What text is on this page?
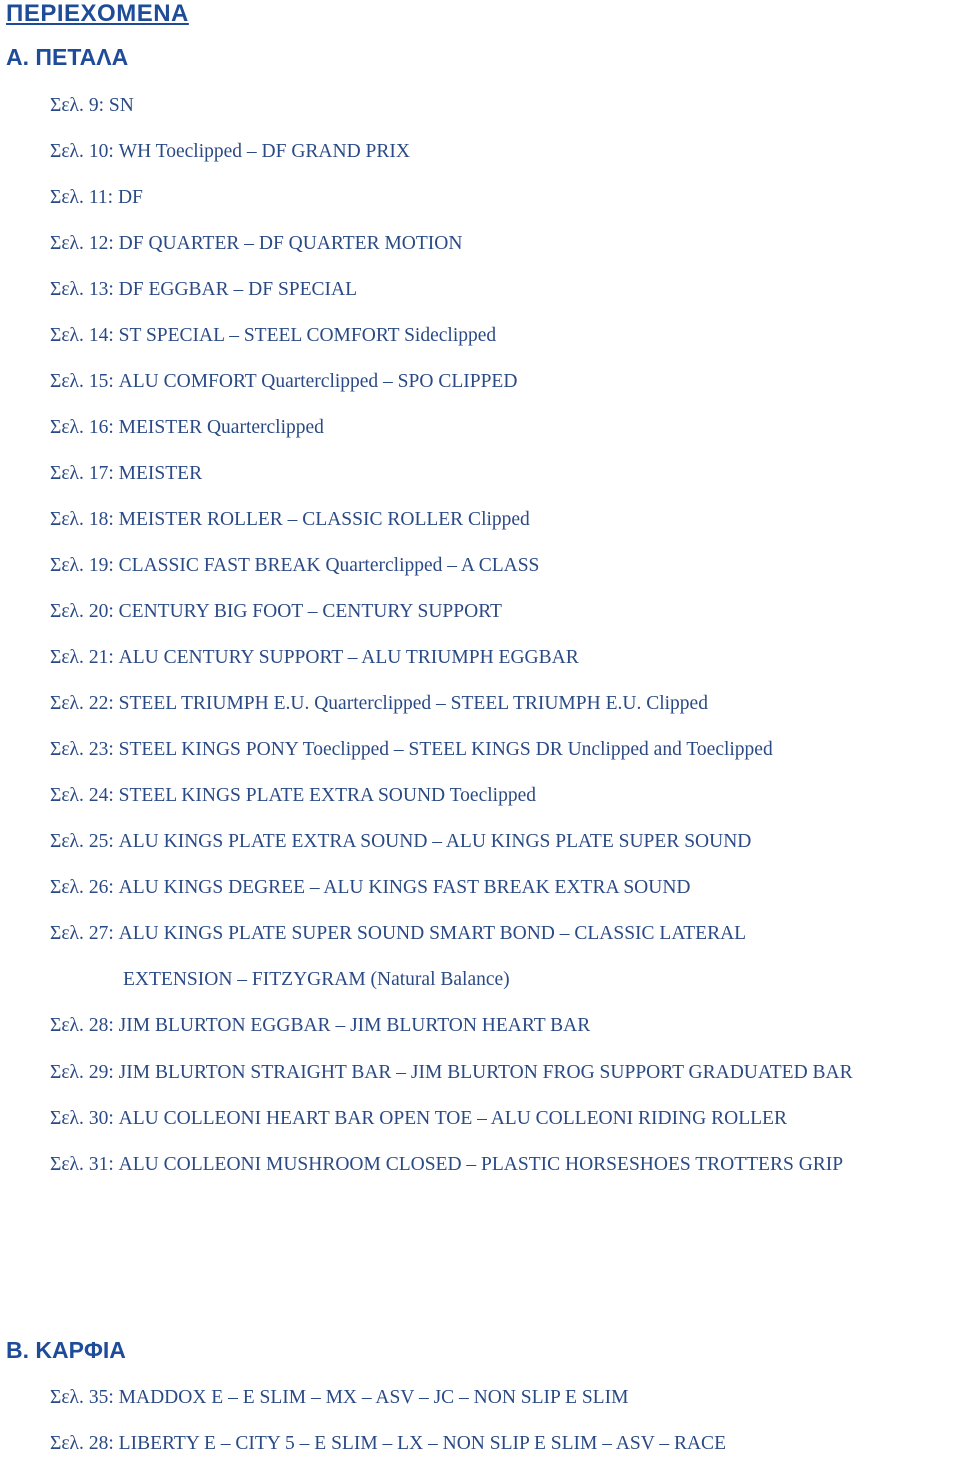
ΠΕΡΙΕΧΟΜΕΝΑ
Α. ΠΕΤΑΛΑ
Σελ. 9: SN
Σελ. 10: WH Toeclipped – DF GRAND PRIX
Σελ. 11: DF
Σελ. 12: DF QUARTER – DF QUARTER MOTION
Σελ. 13: DF EGGBAR – DF SPECIAL
Σελ. 14: ST SPECIAL – STEEL COMFORT Sideclipped
Σελ. 15: ALU COMFORT Quarterclipped – SPO CLIPPED
Σελ. 16: MEISTER Quarterclipped
Σελ. 17: MEISTER
Σελ. 18: MEISTER ROLLER – CLASSIC ROLLER Clipped
Σελ. 19: CLASSIC FAST BREAK Quarterclipped – A CLASS
Σελ. 20: CENTURY BIG FOOT – CENTURY SUPPORT
Σελ. 21: ALU CENTURY SUPPORT – ALU TRIUMPH EGGBAR
Σελ. 22: STEEL TRIUMPH E.U. Quarterclipped – STEEL TRIUMPH E.U. Clipped
Σελ. 23: STEEL KINGS PONY Toeclipped – STEEL KINGS DR Unclipped and Toeclipped
Σελ. 24: STEEL KINGS PLATE EXTRA SOUND Toeclipped
Σελ. 25: ALU KINGS PLATE EXTRA SOUND – ALU KINGS PLATE SUPER SOUND
Σελ. 26: ALU KINGS DEGREE – ALU KINGS FAST BREAK EXTRA SOUND
Σελ. 27: ALU KINGS PLATE SUPER SOUND SMART BOND – CLASSIC LATERAL
EXTENSION – FITZYGRAM (Natural Balance)
Σελ. 28: JIM BLURTON EGGBAR – JIM BLURTON HEART BAR
Σελ. 29: JIM BLURTON STRAIGHT BAR – JIM BLURTON FROG SUPPORT GRADUATED BAR
Σελ. 30: ALU COLLEONI HEART BAR OPEN TOE – ALU COLLEONI RIDING ROLLER
Σελ. 31: ALU COLLEONI MUSHROOM CLOSED – PLASTIC HORSESHOES TROTTERS GRIP
Β. ΚΑΡΦΙΑ
Σελ. 35: MADDOX E – E SLIM – MX – ASV – JC – NON SLIP E SLIM
Σελ. 28: LIBERTY E – CITY 5 – E SLIM – LX – NON SLIP E SLIM – ASV – RACE
